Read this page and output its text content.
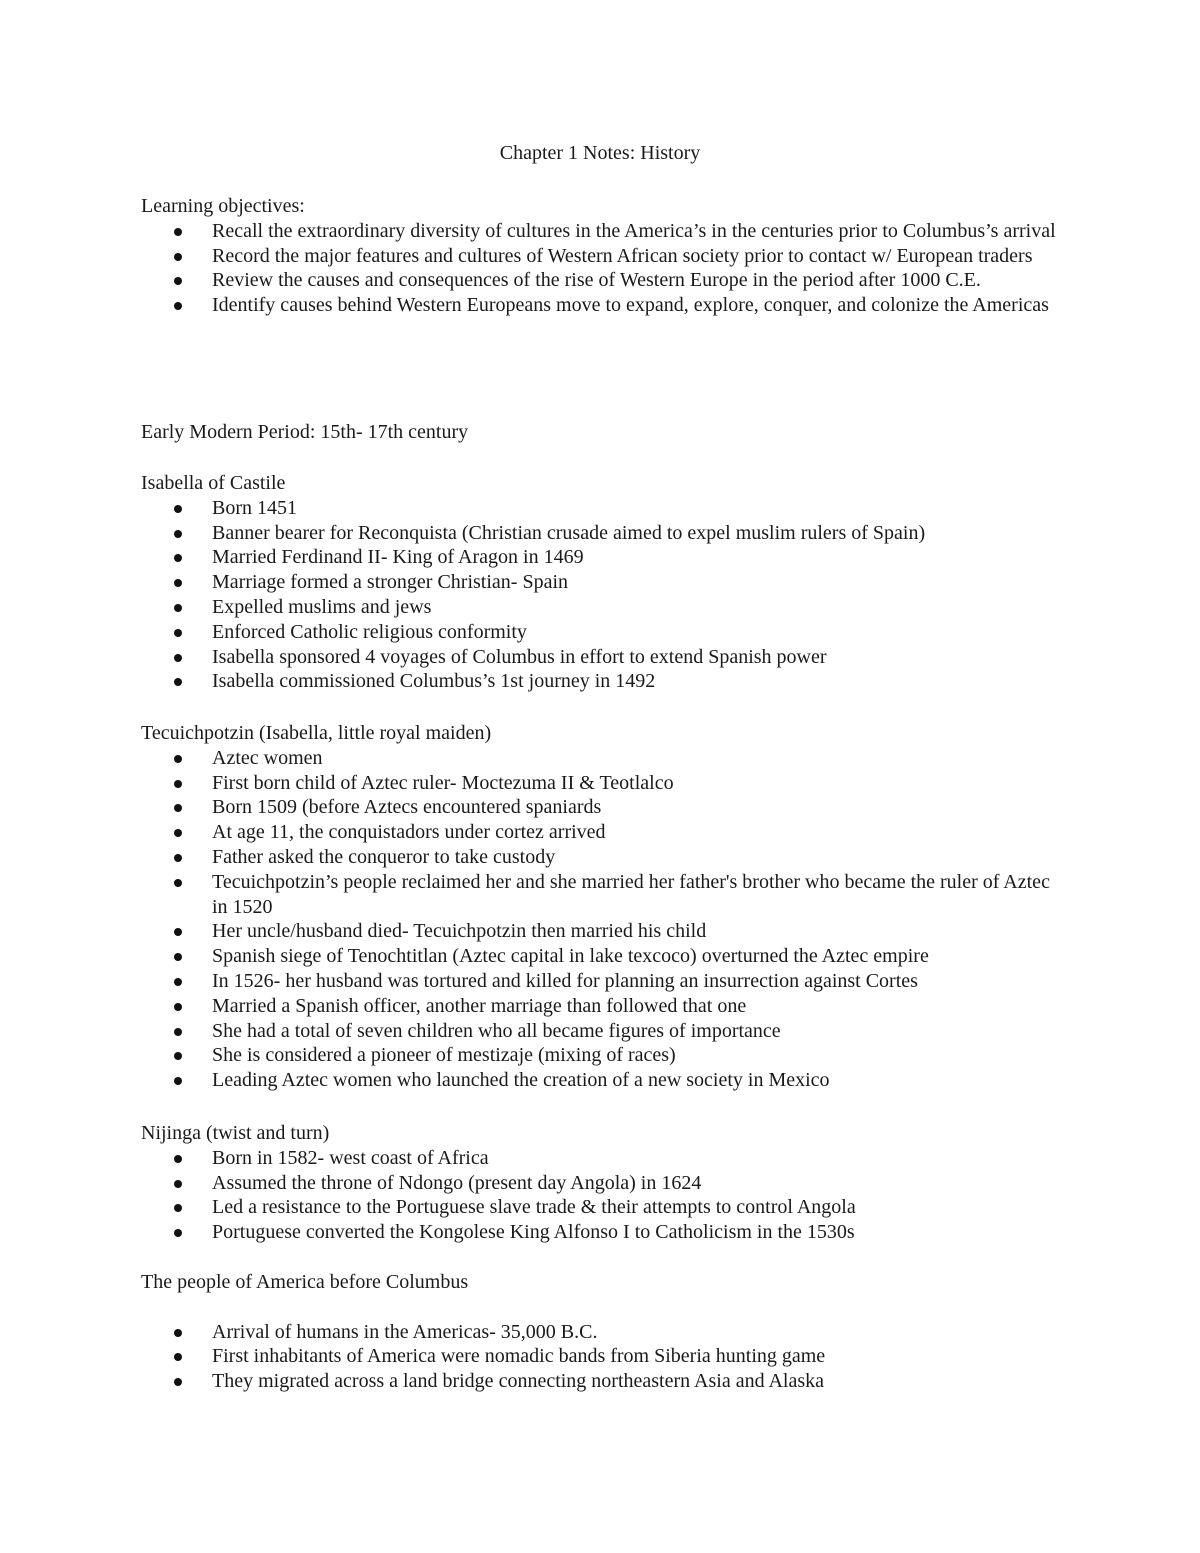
Chapter 1 Notes: History
Learning objectives:
Recall the extraordinary diversity of cultures in the America’s in the centuries prior to Columbus’s arrival
Record the major features and cultures of Western African society prior to contact w/ European traders
Review the causes and consequences of the rise of Western Europe in the period after 1000 C.E.
Identify causes behind Western Europeans move to expand, explore, conquer, and colonize the Americas
Early Modern Period: 15th- 17th century
Isabella of Castile
Born 1451
Banner bearer for Reconquista (Christian crusade aimed to expel muslim rulers of Spain)
Married Ferdinand II- King of Aragon in 1469
Marriage formed a stronger Christian- Spain
Expelled muslims and jews
Enforced Catholic religious conformity
Isabella sponsored 4 voyages of Columbus in effort to extend Spanish power
Isabella commissioned Columbus’s 1st journey in 1492
Tecuichpotzin (Isabella, little royal maiden)
Aztec women
First born child of Aztec ruler- Moctezuma II & Teotlalco
Born 1509 (before Aztecs encountered spaniards
At age 11, the conquistadors under cortez arrived
Father asked the conqueror to take custody
Tecuichpotzin’s people reclaimed her and she married her father's brother who became the ruler of Aztec in 1520
Her uncle/husband died- Tecuichpotzin then married his child
Spanish siege of Tenochtitlan (Aztec capital in lake texcoco) overturned the Aztec empire
In 1526- her husband was tortured and killed for planning an insurrection against Cortes
Married a Spanish officer, another marriage than followed that one
She had a total of seven children who all became figures of importance
She is considered a pioneer of mestizaje (mixing of races)
Leading Aztec women who launched the creation of a new society in Mexico
Nijinga (twist and turn)
Born in 1582- west coast of Africa
Assumed the throne of Ndongo (present day Angola) in 1624
Led a resistance to the Portuguese slave trade & their attempts to control Angola
Portuguese converted the Kongolese King Alfonso I to Catholicism in the 1530s
The people of America before Columbus
Arrival of humans in the Americas- 35,000 B.C.
First inhabitants of America were nomadic bands from Siberia hunting game
They migrated across a land bridge connecting northeastern Asia and Alaska
